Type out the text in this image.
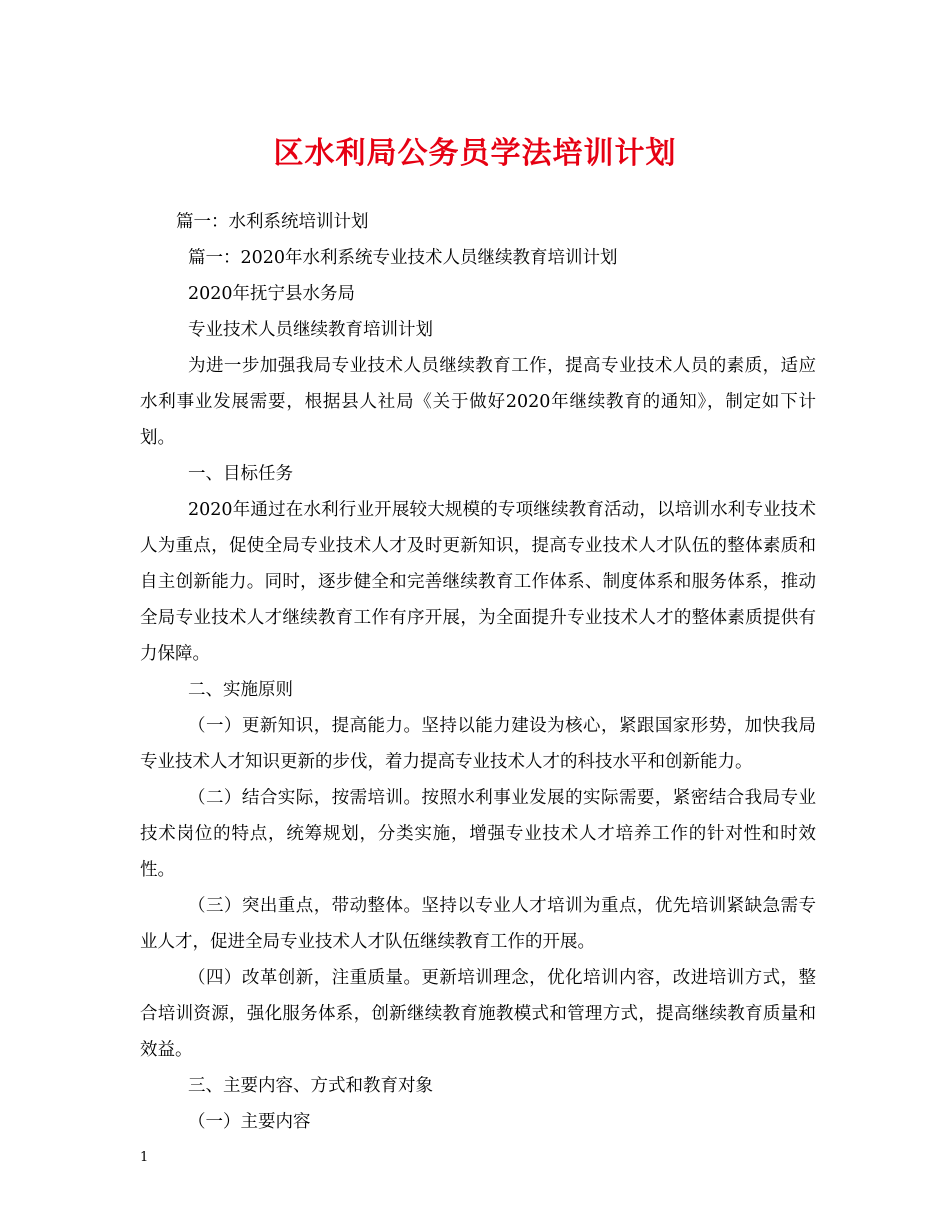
区水利局公务员学法培训计划

篇一：水利系统培训计划

篇一：2020年水利系统专业技术人员继续教育培训计划

2020年抚宁县水务局

专业技术人员继续教育培训计划

为进一步加强我局专业技术人员继续教育工作，提高专业技术人员的素质，适应水利事业发展需要，根据县人社局《关于做好2020年继续教育的通知》，制定如下计划。

一、目标任务

2020年通过在水利行业开展较大规模的专项继续教育活动，以培训水利专业技术人为重点，促使全局专业技术人才及时更新知识，提高专业技术人才队伍的整体素质和自主创新能力。同时，逐步健全和完善继续教育工作体系、制度体系和服务体系，推动全局专业技术人才继续教育工作有序开展，为全面提升专业技术人才的整体素质提供有力保障。

二、实施原则

（一）更新知识，提高能力。坚持以能力建设为核心，紧跟国家形势，加快我局专业技术人才知识更新的步伐，着力提高专业技术人才的科技水平和创新能力。

（二）结合实际，按需培训。按照水利事业发展的实际需要，紧密结合我局专业技术岗位的特点，统筹规划，分类实施，增强专业技术人才培养工作的针对性和时效性。

（三）突出重点，带动整体。坚持以专业人才培训为重点，优先培训紧缺急需专业人才，促进全局专业技术人才队伍继续教育工作的开展。

（四）改革创新，注重质量。更新培训理念，优化培训内容，改进培训方式，整合培训资源，强化服务体系，创新继续教育施教模式和管理方式，提高继续教育质量和效益。

三、主要内容、方式和教育对象

（一）主要内容

1
